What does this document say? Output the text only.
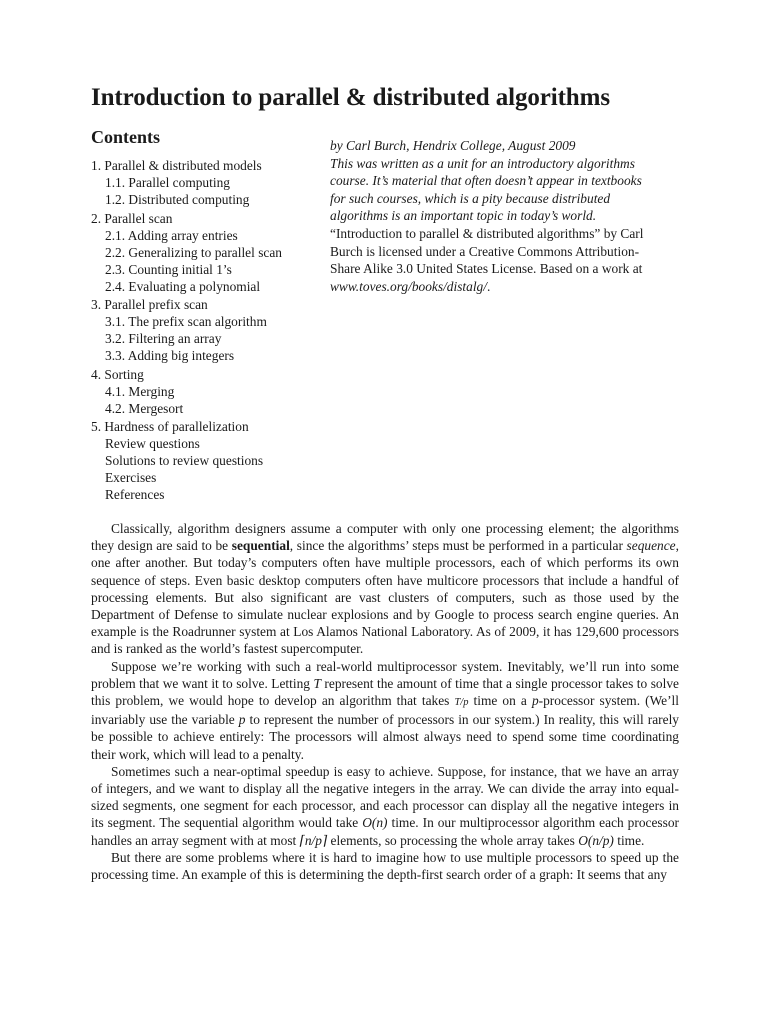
Introduction to parallel & distributed algorithms
Contents
1. Parallel & distributed models
1.1. Parallel computing
1.2. Distributed computing
2. Parallel scan
2.1. Adding array entries
2.2. Generalizing to parallel scan
2.3. Counting initial 1’s
2.4. Evaluating a polynomial
3. Parallel prefix scan
3.1. The prefix scan algorithm
3.2. Filtering an array
3.3. Adding big integers
4. Sorting
4.1. Merging
4.2. Mergesort
5. Hardness of parallelization
Review questions
Solutions to review questions
Exercises
References

by Carl Burch, Hendrix College, August 2009

This was written as a unit for an introductory algorithms course. It’s material that often doesn’t appear in textbooks for such courses, which is a pity because distributed algorithms is an important topic in today’s world.

“Introduction to parallel & distributed algorithms” by Carl Burch is licensed under a Creative Commons Attribution-Share Alike 3.0 United States License. Based on a work at www.toves.org/books/distalg/.

Classically, algorithm designers assume a computer with only one processing element; the algorithms they design are said to be sequential, since the algorithms’ steps must be performed in a particular sequence, one after another. But today’s computers often have multiple processors, each of which performs its own sequence of steps. Even basic desktop computers often have multicore processors that include a handful of processing elements. But also significant are vast clusters of computers, such as those used by the Department of Defense to simulate nuclear explosions and by Google to process search engine queries. An example is the Roadrunner system at Los Alamos National Laboratory. As of 2009, it has 129,600 processors and is ranked as the world’s fastest supercomputer.

Suppose we’re working with such a real-world multiprocessor system. Inevitably, we’ll run into some problem that we want it to solve. Letting T represent the amount of time that a single processor takes to solve this problem, we would hope to develop an algorithm that takes T/p time on a p-processor system. (We’ll invariably use the variable p to represent the number of processors in our system.) In reality, this will rarely be possible to achieve entirely: The processors will almost always need to spend some time coordinating their work, which will lead to a penalty.

Sometimes such a near-optimal speedup is easy to achieve. Suppose, for instance, that we have an array of integers, and we want to display all the negative integers in the array. We can divide the array into equal-sized segments, one segment for each processor, and each processor can display all the negative integers in its segment. The sequential algorithm would take O(n) time. In our multiprocessor algorithm each processor handles an array segment with at most ⌈n/p⌉ elements, so processing the whole array takes O(n/p) time.

But there are some problems where it is hard to imagine how to use multiple processors to speed up the processing time. An example of this is determining the depth-first search order of a graph: It seems that any
